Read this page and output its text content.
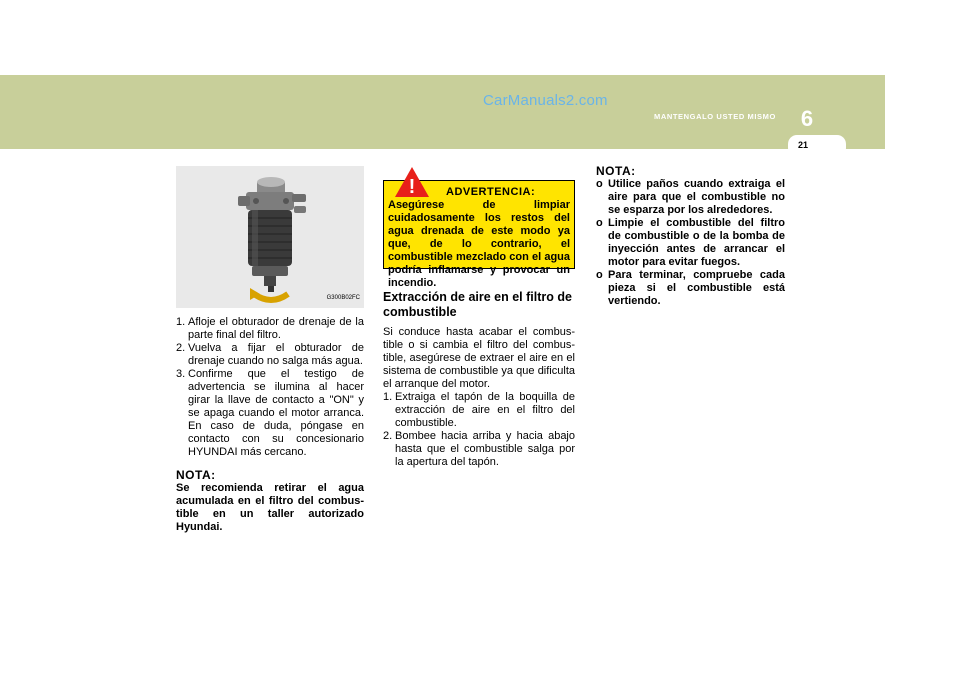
CarManuals2.com
MANTENGALO USTED MISMO 6
21
G300B02FC
1. Afloje el obturador de drenaje de la parte final del filtro.
2. Vuelva a fijar el obturador de drenaje cuando no salga más agua.
3. Confirme que el testigo de advertencia se ilumina al hacer girar la llave de contacto a "ON" y se apaga cuando el motor arranca. En caso de duda, póngase en contacto con su concesionario HYUNDAI más cercano.
NOTA:
Se recomienda retirar el agua acumulada en el filtro del combus-tible en un taller autorizado Hyundai.
!	ADVERTENCIA:
Asegúrese de limpiar cuidadosamente los restos del agua drenada de este modo ya que, de lo contrario, el combustible mezclado con el agua podría inflamarse y provocar un incendio.
Extracción de aire en el filtro de combustible
Si conduce hasta acabar el combus-tible o si cambia el filtro del combus-tible, asegúrese de extraer el aire en el sistema de combustible ya que dificulta el arranque del motor.
1. Extraiga el tapón de la boquilla de extracción de aire en el filtro del combustible.
2. Bombee hacia arriba y hacia abajo hasta que el combustible salga por la apertura del tapón.
NOTA:
o Utilice paños cuando extraiga el aire para que el combustible no se esparza por los alrededores.
o Limpie el combustible del filtro de combustible o de la bomba de inyección antes de arrancar el motor para evitar fuegos.
o Para terminar, compruebe cada pieza si el combustible está vertiendo.
